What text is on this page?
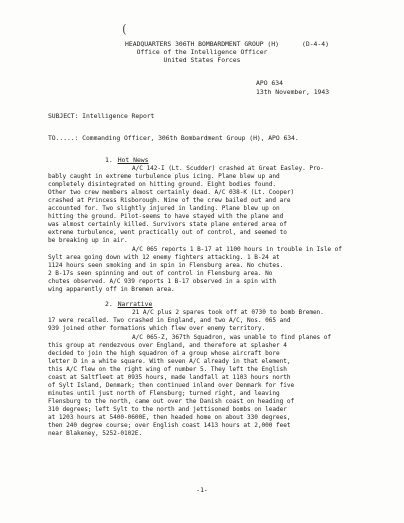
(
HEADQUARTERS 306TH BOMBARDMENT GROUP (H)	(D-4-4)
Office of the Intelligence Officer
United States Forces
APO 634
13th November, 1943
SUBJECT: Intelligence Report
TO.....: Commanding Officer, 306th Bombardment Group (H), APO 634.
1. Hot News
A/C 142-I (Lt. Scudder) crashed at Great Easley. Pro-
bably caught in extreme turbulence plus icing. Plane blew up and
completely disintegrated on hitting ground. Eight bodies found.
Other two crew members almost certainly dead. A/C 038-K (Lt. Cooper)
crashed at Princess Risborough. Nine of the crew bailed out and are
accounted for. Two slightly injured in landing. Plane blew up on
hitting the ground. Pilot-seems to have stayed with the plane and
was almost certainly killed. Survivors state plane entered area of
extreme turbulence, went practically out of control, and seemed to
be breaking up in air.
A/C 065 reports 1 B-17 at 1100 hours in trouble in Isle of
Sylt area going down with 12 enemy fighters attacking. 1 B-24 at
1124 hours seen smoking and in spin in Flensburg area. No chutes.
2 B-17s seen spinning and out of control in Flensburg area. No
chutes observed. A/C 939 reports 1 B-17 observed in a spin with
wing apparently off in Bremen area.
2. Narrative
21 A/C plus 2 spares took off at 0730 to bomb Bremen.
17 were recalled. Two crashed in England, and two A/C, Nos. 065 and
939 joined other formations which flew over enemy territory.
A/C 065-Z, 367th Squadron, was unable to find planes of
this group at rendezvous over England, and therefore at splasher 4
decided to join the high squadron of a group whose aircraft bore
letter D in a white square. With seven A/C already in that element,
this A/C flew on the right wing of number 5. They left the English
coast at Saltfleet at 0935 hours, made landfall at 1103 hours north
of Sylt Island, Denmark; then continued inland over Denmark for five
minutes until just north of Flensburg; turned right, and leaving
Flensburg to the north, came out over the Danish coast on heading of
310 degrees; left Sylt to the north and jettisoned bombs on leader
at 1203 hours at 5400-0600E, then headed home on about 330 degrees,
then 240 degree course; over English coast 1413 hours at 2,000 feet
near Blakeney, 5252-0102E.
-1-
